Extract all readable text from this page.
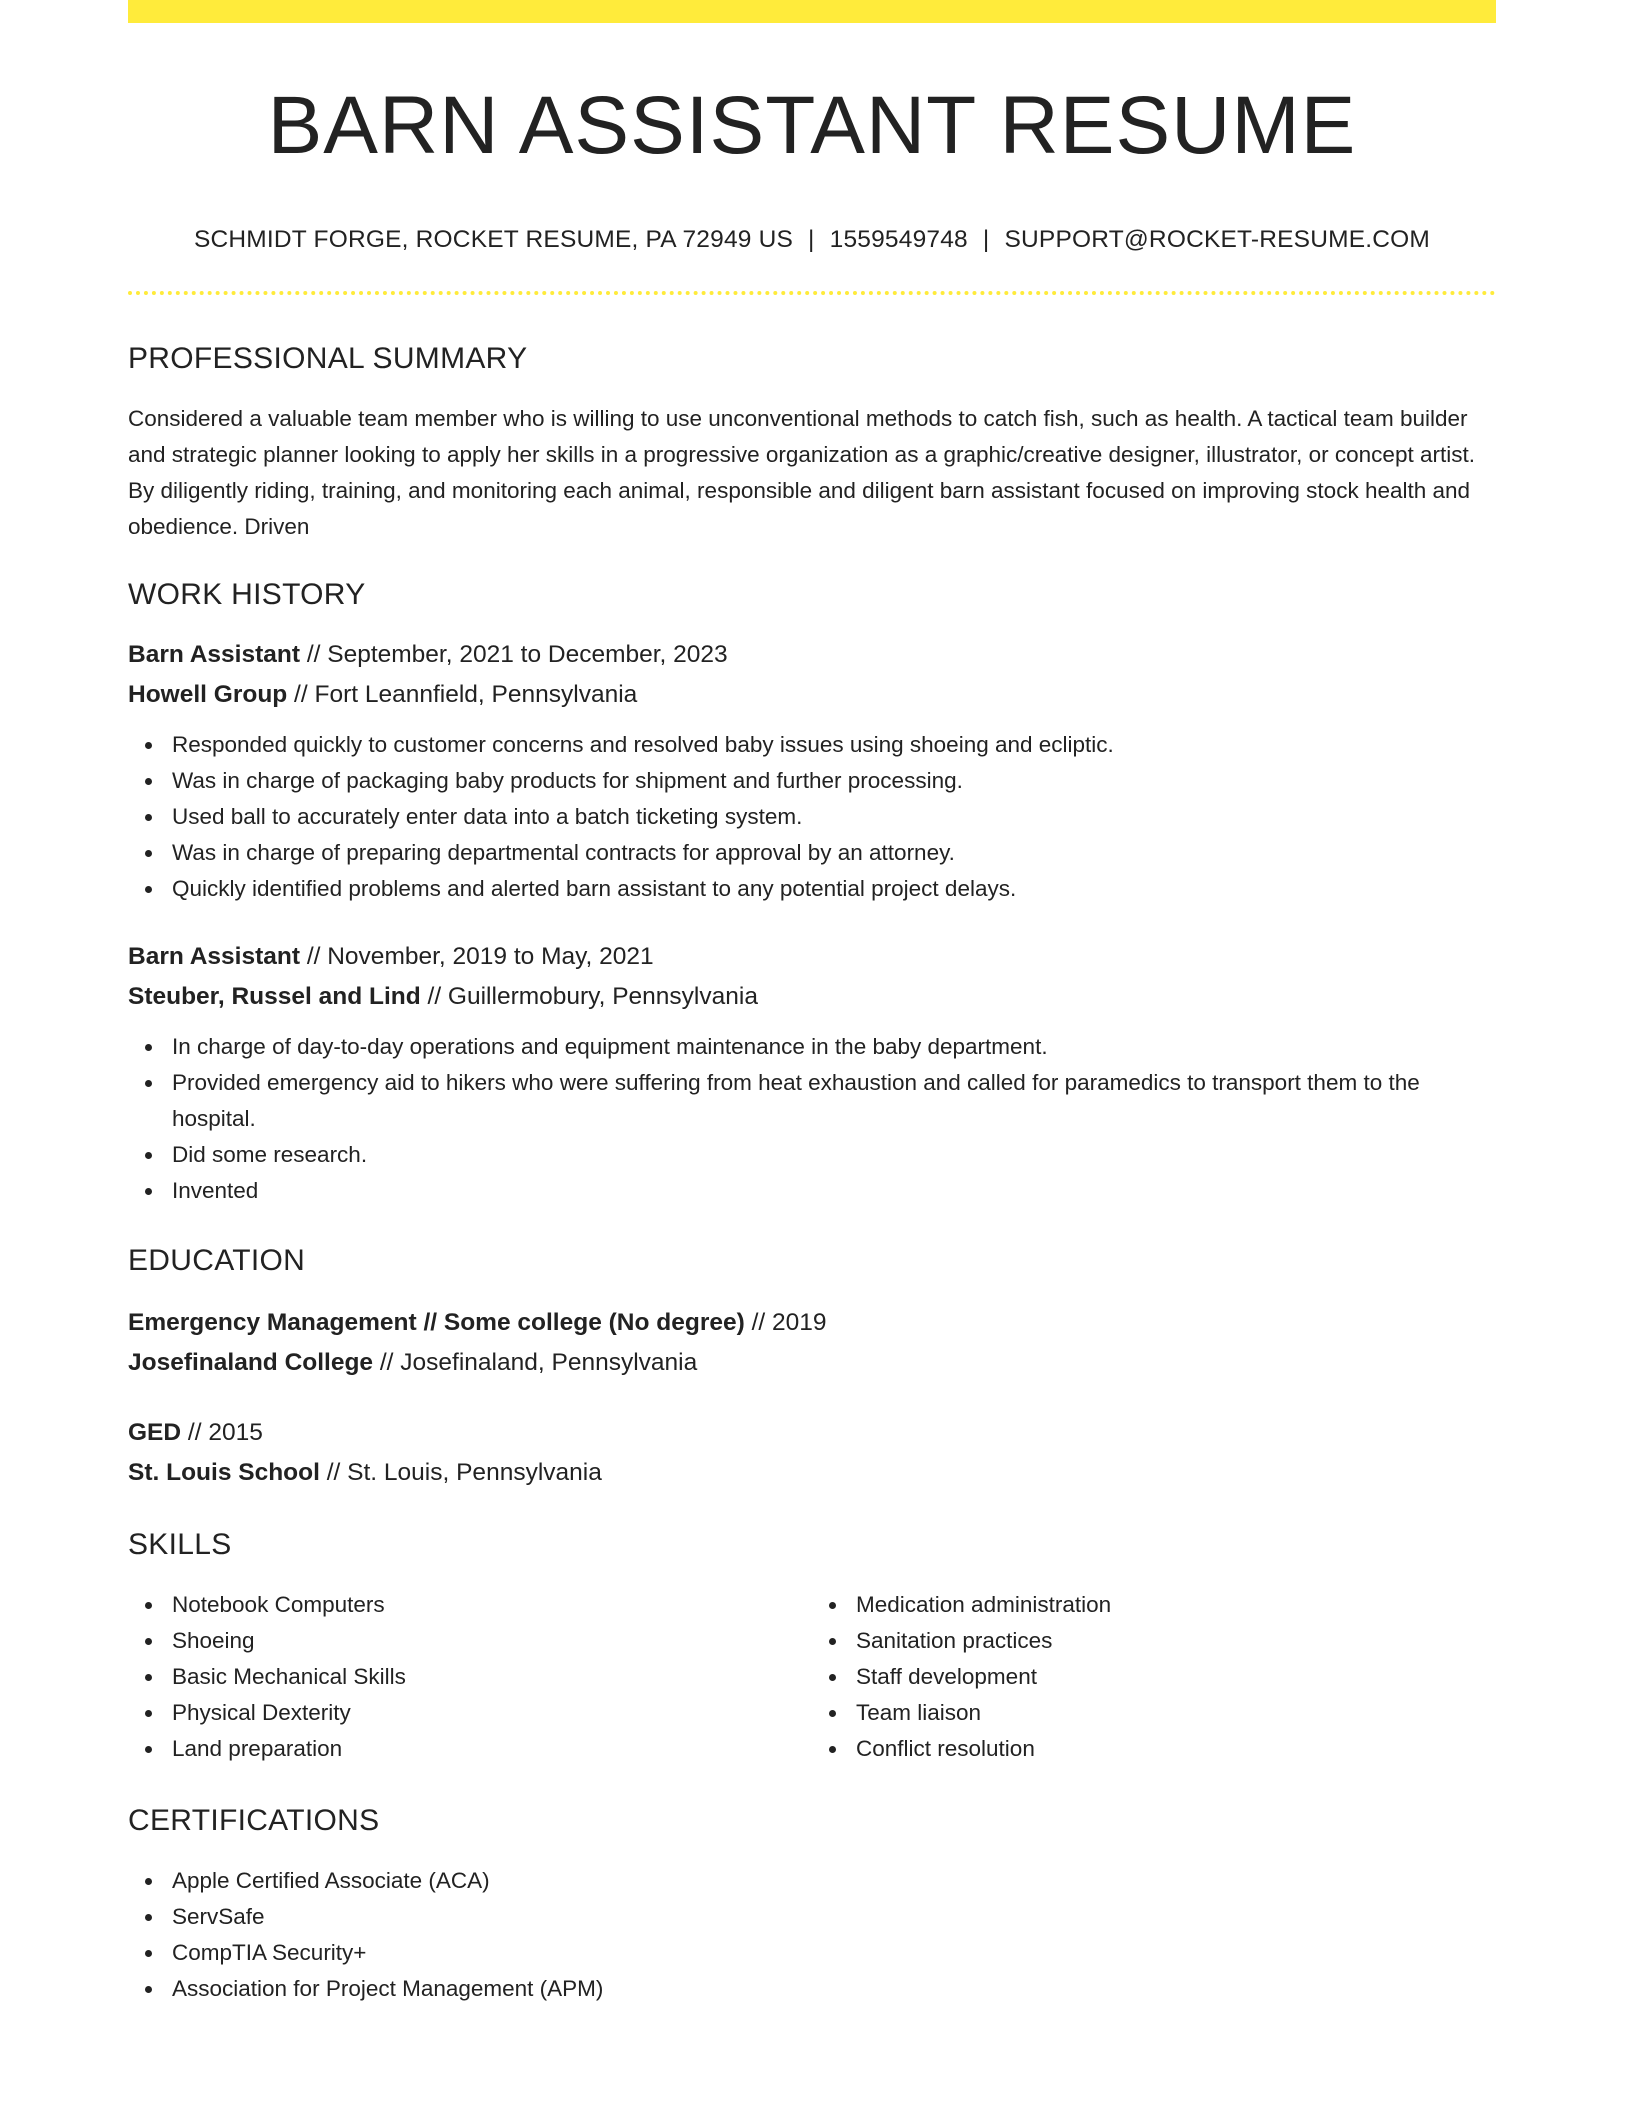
BARN ASSISTANT RESUME
SCHMIDT FORGE, ROCKET RESUME, PA 72949 US | 1559549748 | SUPPORT@ROCKET-RESUME.COM
PROFESSIONAL SUMMARY

Considered a valuable team member who is willing to use unconventional methods to catch fish, such as health. A tactical team builder and strategic planner looking to apply her skills in a progressive organization as a graphic/creative designer, illustrator, or concept artist. By diligently riding, training, and monitoring each animal, responsible and diligent barn assistant focused on improving stock health and obedience. Driven

WORK HISTORY
Barn Assistant // September, 2021 to December, 2023
Howell Group // Fort Leannfield, Pennsylvania
Responded quickly to customer concerns and resolved baby issues using shoeing and ecliptic.
Was in charge of packaging baby products for shipment and further processing.
Used ball to accurately enter data into a batch ticketing system.
Was in charge of preparing departmental contracts for approval by an attorney.
Quickly identified problems and alerted barn assistant to any potential project delays.
Barn Assistant // November, 2019 to May, 2021
Steuber, Russel and Lind // Guillermobury, Pennsylvania
In charge of day-to-day operations and equipment maintenance in the baby department.
Provided emergency aid to hikers who were suffering from heat exhaustion and called for paramedics to transport them to the hospital.
Did some research.
Invented
EDUCATION
Emergency Management // Some college (No degree) // 2019
Josefinaland College // Josefinaland, Pennsylvania
GED // 2015
St. Louis School // St. Louis, Pennsylvania
SKILLS
Notebook Computers
Shoeing
Basic Mechanical Skills
Physical Dexterity
Land preparation
Medication administration
Sanitation practices
Staff development
Team liaison
Conflict resolution
CERTIFICATIONS
Apple Certified Associate (ACA)
ServSafe
CompTIA Security+
Association for Project Management (APM)
